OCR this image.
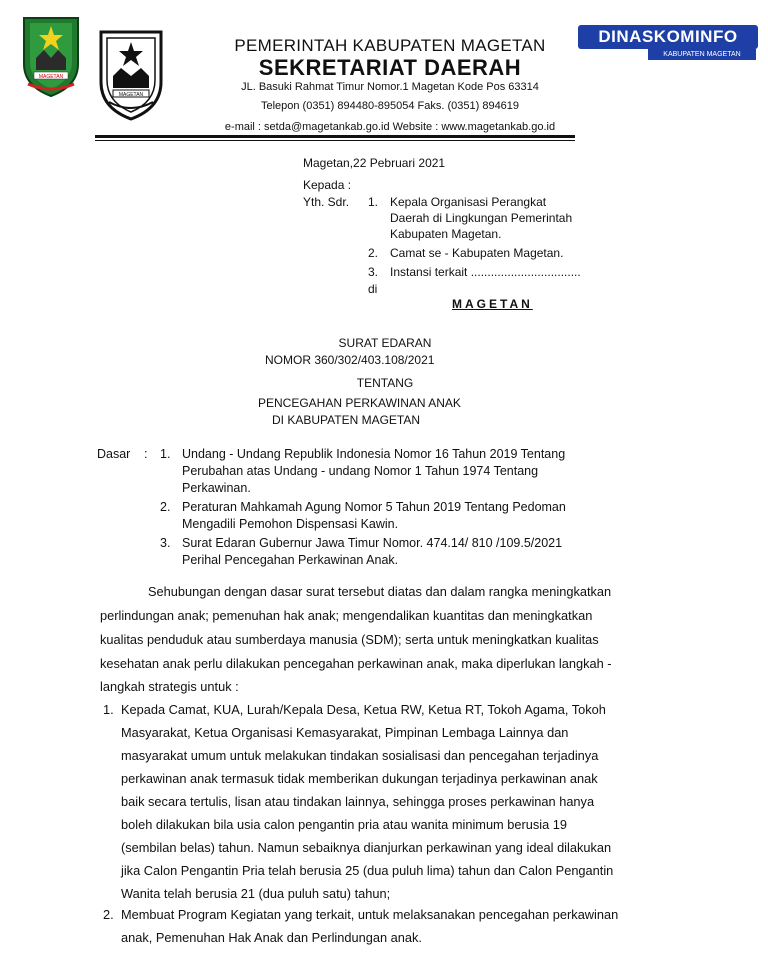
MAGETAN
MAGETAN
DINASKOMINFO
KABUPATEN MAGETAN
PEMERINTAH KABUPATEN MAGETAN
SEKRETARIAT DAERAH
JL. Basuki Rahmat Timur Nomor.1 Magetan Kode Pos 63314
Telepon (0351) 894480-895054 Faks. (0351) 894619
e-mail : setda@magetankab.go.id Website : www.magetankab.go.id
Magetan,22 Pebruari 2021
Kepada :
Yth. Sdr. 1. Kepala Organisasi Perangkat
Daerah di Lingkungan Pemerintah
Kabupaten Magetan.
2. Camat se - Kabupaten Magetan.
3. Instansi terkait .................................
di
MAGETAN
SURAT EDARAN
NOMOR 360/302/403.108/2021
TENTANG
PENCEGAHAN PERKAWINAN ANAK
DI KABUPATEN MAGETAN
Dasar : 1. Undang - Undang Republik Indonesia Nomor 16 Tahun 2019 Tentang
Perubahan atas Undang - undang Nomor 1 Tahun 1974 Tentang
Perkawinan.
2. Peraturan Mahkamah Agung Nomor 5 Tahun 2019 Tentang Pedoman
Mengadili Pemohon Dispensasi Kawin.
3. Surat Edaran Gubernur Jawa Timur Nomor. 474.14/ 810 /109.5/2021
Perihal Pencegahan Perkawinan Anak.
Sehubungan dengan dasar surat tersebut diatas dan dalam rangka meningkatkan
perlindungan anak; pemenuhan hak anak; mengendalikan kuantitas dan meningkatkan
kualitas penduduk atau sumberdaya manusia (SDM); serta untuk meningkatkan kualitas
kesehatan anak perlu dilakukan pencegahan perkawinan anak, maka diperlukan langkah -
langkah strategis untuk :
1. Kepada Camat, KUA, Lurah/Kepala Desa, Ketua RW, Ketua RT, Tokoh Agama, Tokoh
Masyarakat, Ketua Organisasi Kemasyarakat, Pimpinan Lembaga Lainnya dan
masyarakat umum untuk melakukan tindakan sosialisasi dan pencegahan terjadinya
perkawinan anak termasuk tidak memberikan dukungan terjadinya perkawinan anak
baik secara tertulis, lisan atau tindakan lainnya, sehingga proses perkawinan hanya
boleh dilakukan bila usia calon pengantin pria atau wanita minimum berusia 19
(sembilan belas) tahun. Namun sebaiknya dianjurkan perkawinan yang ideal dilakukan
jika Calon Pengantin Pria telah berusia 25 (dua puluh lima) tahun dan Calon Pengantin
Wanita telah berusia 21 (dua puluh satu) tahun;
2. Membuat Program Kegiatan yang terkait, untuk melaksanakan pencegahan perkawinan
anak, Pemenuhan Hak Anak dan Perlindungan anak.
